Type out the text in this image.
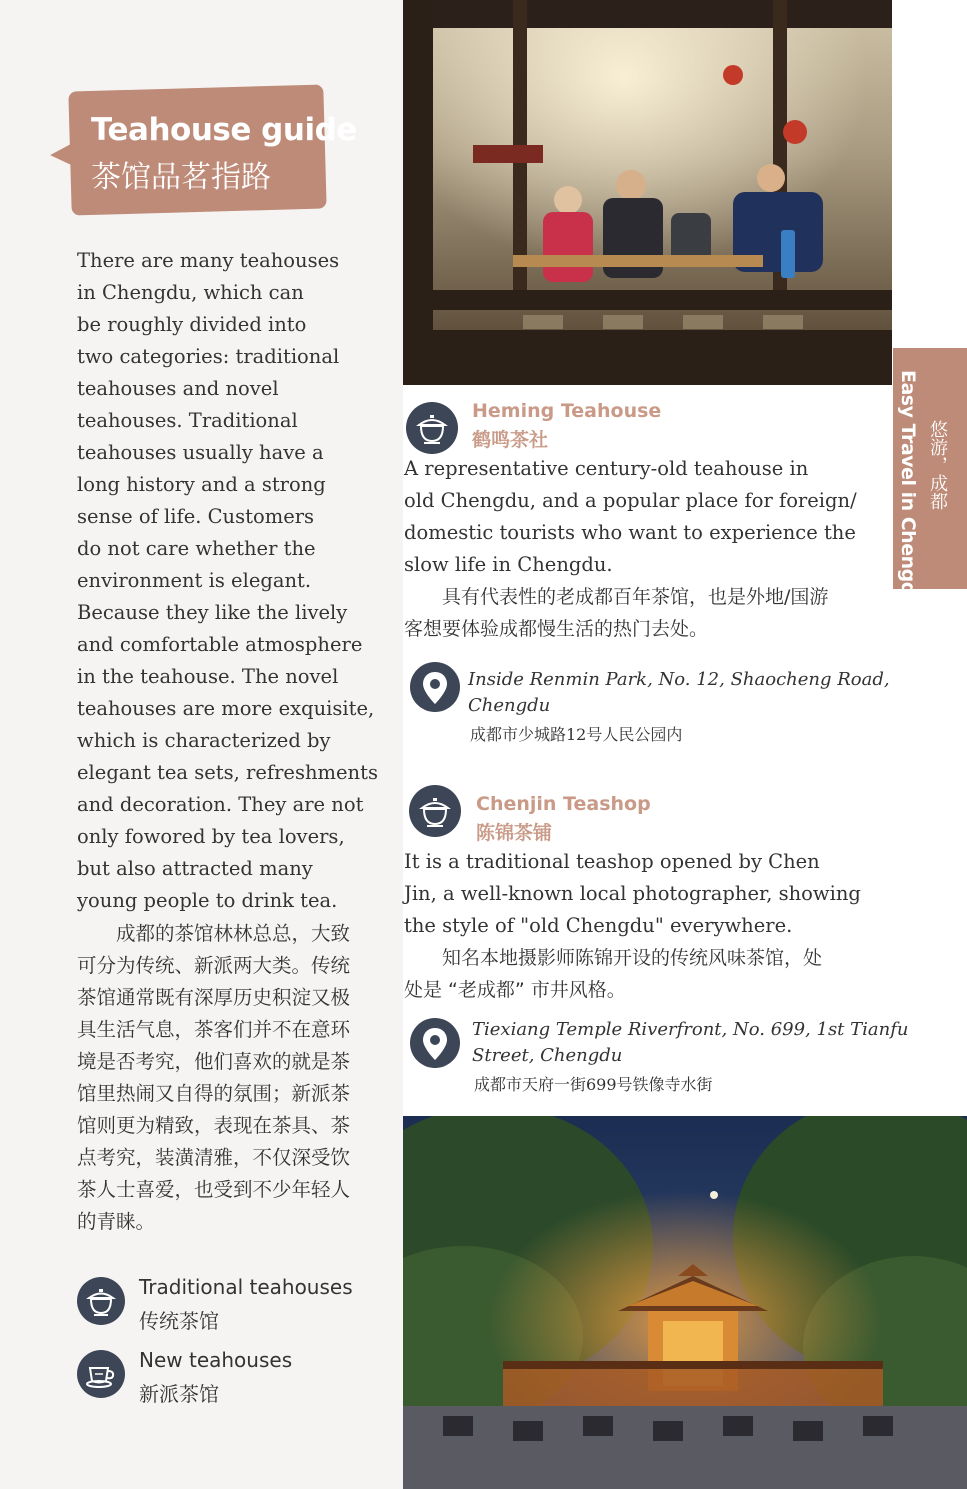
Teahouse guide
茶馆品茗指路
There are many teahouses
in Chengdu, which can
be roughly divided into
two categories: traditional
teahouses and novel
teahouses. Traditional
teahouses usually have a
long history and a strong
sense of life. Customers
do not care whether the
environment is elegant.
Because they like the lively
and comfortable atmosphere
in the teahouse. The novel
teahouses are more exquisite,
which is characterized by
elegant tea sets, refreshments
and decoration. They are not
only fowored by tea lovers,
but also attracted many
young people to drink tea.
　　成都的茶馆林林总总，大致
可分为传统、新派两大类。传统
茶馆通常既有深厚历史积淀又极
具生活气息，茶客们并不在意环
境是否考究，他们喜欢的就是茶
馆里热闹又自得的氛围；新派茶
馆则更为精致，表现在茶具、茶
点考究，装潢清雅，不仅深受饮
茶人士喜爱，也受到不少年轻人
的青睐。
Traditional teahouses
传统茶馆
New teahouses
新派茶馆
Easy Travel in Chengdu 悠游，成都
Heming Teahouse
鹤鸣茶社
A representative century-old teahouse in
old Chengdu, and a popular place for foreign/
domestic tourists who want to experience the
slow life in Chengdu.
　　具有代表性的老成都百年茶馆，也是外地/国游
客想要体验成都慢生活的热门去处。
Inside Renmin Park, No. 12, Shaocheng Road,
Chengdu
成都市少城路12号人民公园内
Chenjin Teashop
陈锦茶铺
It is a traditional teashop opened by Chen
Jin, a well-known local photographer, showing
the style of "old Chengdu" everywhere.
　　知名本地摄影师陈锦开设的传统风味茶馆，处
处是 “老成都” 市井风格。
Tiexiang Temple Riverfront, No. 699, 1st Tianfu
Street, Chengdu
成都市天府一街699号铁像寺水街
